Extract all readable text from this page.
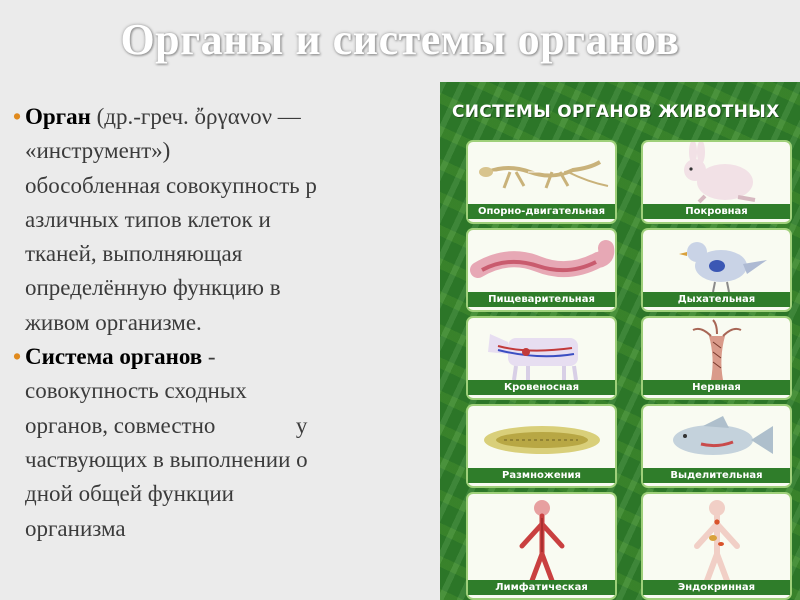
Органы и системы органов
• Орган (др.-греч. ὄργανον —
«инструмент»)
обособленная совокупность р
азличных типов клеток и
тканей, выполняющая
определённую функцию в
живом организме.
• Система органов -
совокупность сходных
органов, совместно              у
частвующих в выполнении о
дной общей функции
организма
СИСТЕМЫ ОРГАНОВ ЖИВОТНЫХ
Опорно-двигательная	Покровная
Пищеварительная	Дыхательная
Кровеносная	Нервная
Размножения	Выделительная
Лимфатическая	Эндокринная
